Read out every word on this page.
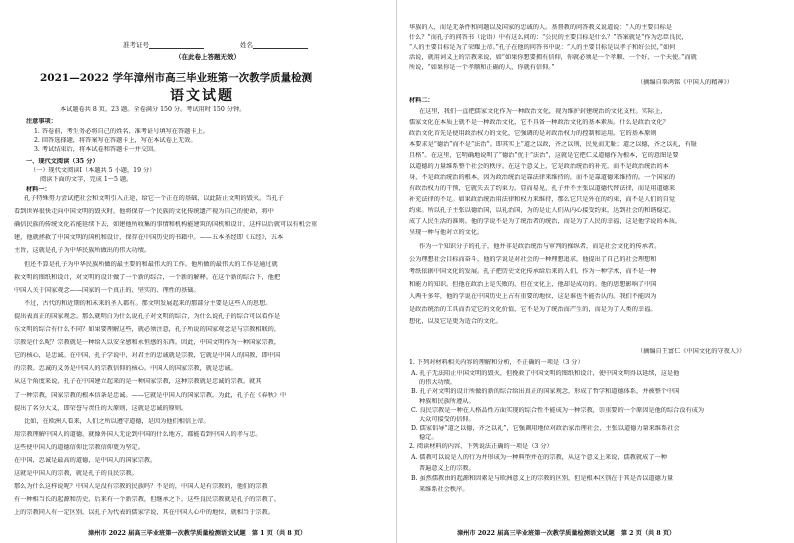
准考证号	姓名
（在此卷上答题无效）
2021—2022 学年漳州市高三毕业班第一次教学质量检测
语文试题
本试题卷共 8 页，23 题。全卷满分 150 分。考试用时 150 分钟。
注意事项：
1. 答卷前，考生务必将自己的姓名、准考证号填写在答题卡上。
2. 回答选择题，将答案写在答题卡上，写在本试卷上无效。
3. 考试结束后，将本试卷和答题卡一并交回。
一、现代文阅读（35 分）
（一）现代文阅读Ⅰ（本题共 5 小题，19 分）
阅读下面的文字，完成 1～5 题。
材料一：
孔子特殊努力尝试把社会和文明引入正途，给它一个正在的基础，以此防止文明的毁灭。当孔子
看到世界很快走向中国文明的毁灭时，他将保存一个民族的文化传统遗产视为自己的使命，将中
确信民族的传统文化若能延续下去，如建他所收集的事情和机构能建筑的国机和设计，这样以后就可以有机会重
建，他就拯救了中国文明的国机和设计，保存在中国历史的书籍中。——五本圣经即《五经》，五本
主旨，这就是孔子为中华民族所做出的伟大功绩。
但还不算是孔子为中华民族所做的最主要的和最伟大的工作。他所做的最伟大的工作是通过就
救文明的图纸和设计，对文明的设计做了一个新的综合，一个新的解释。在这个新的综合下，他把
中国人关于国家观念——国家的一个真正的、坚实的、理性的基础。
不过，古代的和近期的和未来的圣人都有。那文明发展起来的那部分主要是这些人的思想。
提出表真正的国家观念。那么就明白为什么说孔子对文明的综合，为什么说孔子的综合可以看作是
东文明的综合有什么不同？如果要理解这些，就必须注意，孔子所说的国家观念是与宗教相联的，
宗教是什么呢？宗教就是一种给人以安全感和永恒感的东西。因此，中国文明作为一种国家宗教，
它的核心，是忠诚。在中国，孔子学说中，对君主的忠诚就是宗教，它就是中国人的国教，即中国
的宗教。忠诚的义务是中国人的宗教信仰的核心。中国人的国家宗教，就是忠诚。
从这个角度来说，孔子在中国建立起来的是一种国家宗教，这种宗教就是忠诚的宗教。就其
了一种宗教，国家宗教的根本信条是忠诚。——它就是中国人的国家宗教。为此，孔子在《春秋》中
提出了名分大义，即荣誉与责任的大原则，这就是忠诚的原则。
比如，在欧洲人看来，人们之所以遵守道德，是因为他们相信上帝。
用宗教理解中国人的道德，就像外国人无论到中国的什么地方，都能看到中国人的孝与忠。
这些使中国人的道德信仰比宗教信仰更为坚定。
在中国，忠诚是最高的道德，是中国人的国家宗教。
这就是中国人的宗教，就是孔子的良民宗教。
那么为什么这样说呢？中国人是没有宗教的民族吗？不是的，中国人是有宗教的，他们的宗教
有一种相当长的起源和历史，后来有一个新宗教，但继承之下，这些良民宗教就是孔子的宗教了。
上的宗教同人有一定区别，以孔子为代表的儒家学说，其在中国人心中的地位，就相当于宗教。
漳州市 2022 届高三毕业班第一次教学质量检测语文试题　第 1 页（共 8 页）
华族的人，而是无条件和问题以及国家的忠诚的人。基督教的问答教义说道说：“人的主要目标是
什么？”而孔子的问答书（论语）中有这么问的：“公民的主要目标是什么？”答案就是“作为忠臣良民，
“人的主要目标是为了荣耀上帝。”孔子在他的问答书中说：“人的主要目标是以孝子和好公民，”如何
活说，就用词义上的宗教来说，如“如果你想要拥有信仰，你就必须是一个孝顺、一个好、一个天使。”而就
所说，“如果你是一个孝顺和正确的人，你就有信仰。”
（摘编自辜鸿铭《中国人的精神》）
材料二：
在这里，我们一直把儒家文化作为一种政治文化，视为维护封建统治的文化支柱。实际上，
儒家文化在本质上就不是一种政治文化，它不具备一种政治文化的基本素质。什么是政治文化？
政治文化首先是使用政治权力的文化，它强调的是对政治权力的控制和运用。它的基本原则
本要求是“德治”而不是“法治”。即其实上“道之以政，齐之以刑，民免而无耻；道之以德，齐之以礼，有耻
且格”。在这里，它明确地说明了“德治”优于“法治”，这就是它把仁义道德作为根本，它的意图是要
以道德的力量维系整个社会的秩序。在这个意义上，它是政治统治的补充，而不是政治统治的本
身，不是政治统治的根本，因为政治统治是靠法律来维持的，而不是靠道德来维持的。一个国家的
有政治权力的干预，它就失去了约束力。显而易见，孔子并不主张以道德代替法律，而是用道德来
补充法律的不足。如果政治统治用法律和权力来维持，那么它只是外在的约束，而不是人们的自觉
约束。所以孔子主张以德治国，以礼治国，为的是让人们从内心接受约束，达到社会的和谐稳定。
成了人民生活的准则。他的学说不是为了统治者的统治，而是为了人民的幸福，这是他学说的本质，
呈现一种与他对立的文化。
作为一个知识分子的孔子，他并非是政治统治与审判的操纵者，而是社会文化的传承者。
公为理想社会目标而奋斗，他的学说是对社会的一种理想追求，他提出了自己的社会理想和
考纸依据中国文化的发展。孔子把历史文化传承给后来的人们，作为一种学术，而不是一种
和能力的知识。但他在政治上是失败的，但在文化上，他却是成功的。他的思想影响了中国
人两千多年，他的学说在中国历史上占有重要的地位，这是谁也不能否认的。我们不能因为
是政治统治的工具而否定它的文化价值，它不是为了统治而产生的，而是为了人类的幸福。
想化，以及它是更为适合的文化。
（摘编自王富仁《中国文化的守夜人》）
1. 下列对材料相关内容的理解和分析，不正确的一项是（3 分）
A. 孔子无法阻止中国文明的毁灭，但挽救了中国文明的图纸和设计，使中国文明得以延续，这是他
的伟大功绩。
B. 孔子对文明的设计所做的新的综合给出真正的国家观念，形成了哲学和道德体系，并被整个中国
种族和民族所遵从。
C. 良民宗教是一种在人格品性方面实现的综合性不能成为一种宗教，崇重要的一个原因是他的综合没有成为
大众可接受的信仰。
D. 儒家倡导“道之以德，齐之以礼”，它强调用地位对政治家治理社会，主张以道德力量来维系社会
稳定。
2. 阅读材料的内容，下列说法正确的一项是（3 分）
A. 儒教可以说是人的行为并形成为一种典型并在的宗教，从这个意义上来说，儒教就成了一种
普遍意义上的宗教。
B. 虽然儒教由的起源和因素是与欧洲意义上的宗教的区别，但是根本区别在于其是否以道德力量
来维系社会秩序。
漳州市 2022 届高三毕业班第一次教学质量检测语文试题　第 2 页（共 8 页）
